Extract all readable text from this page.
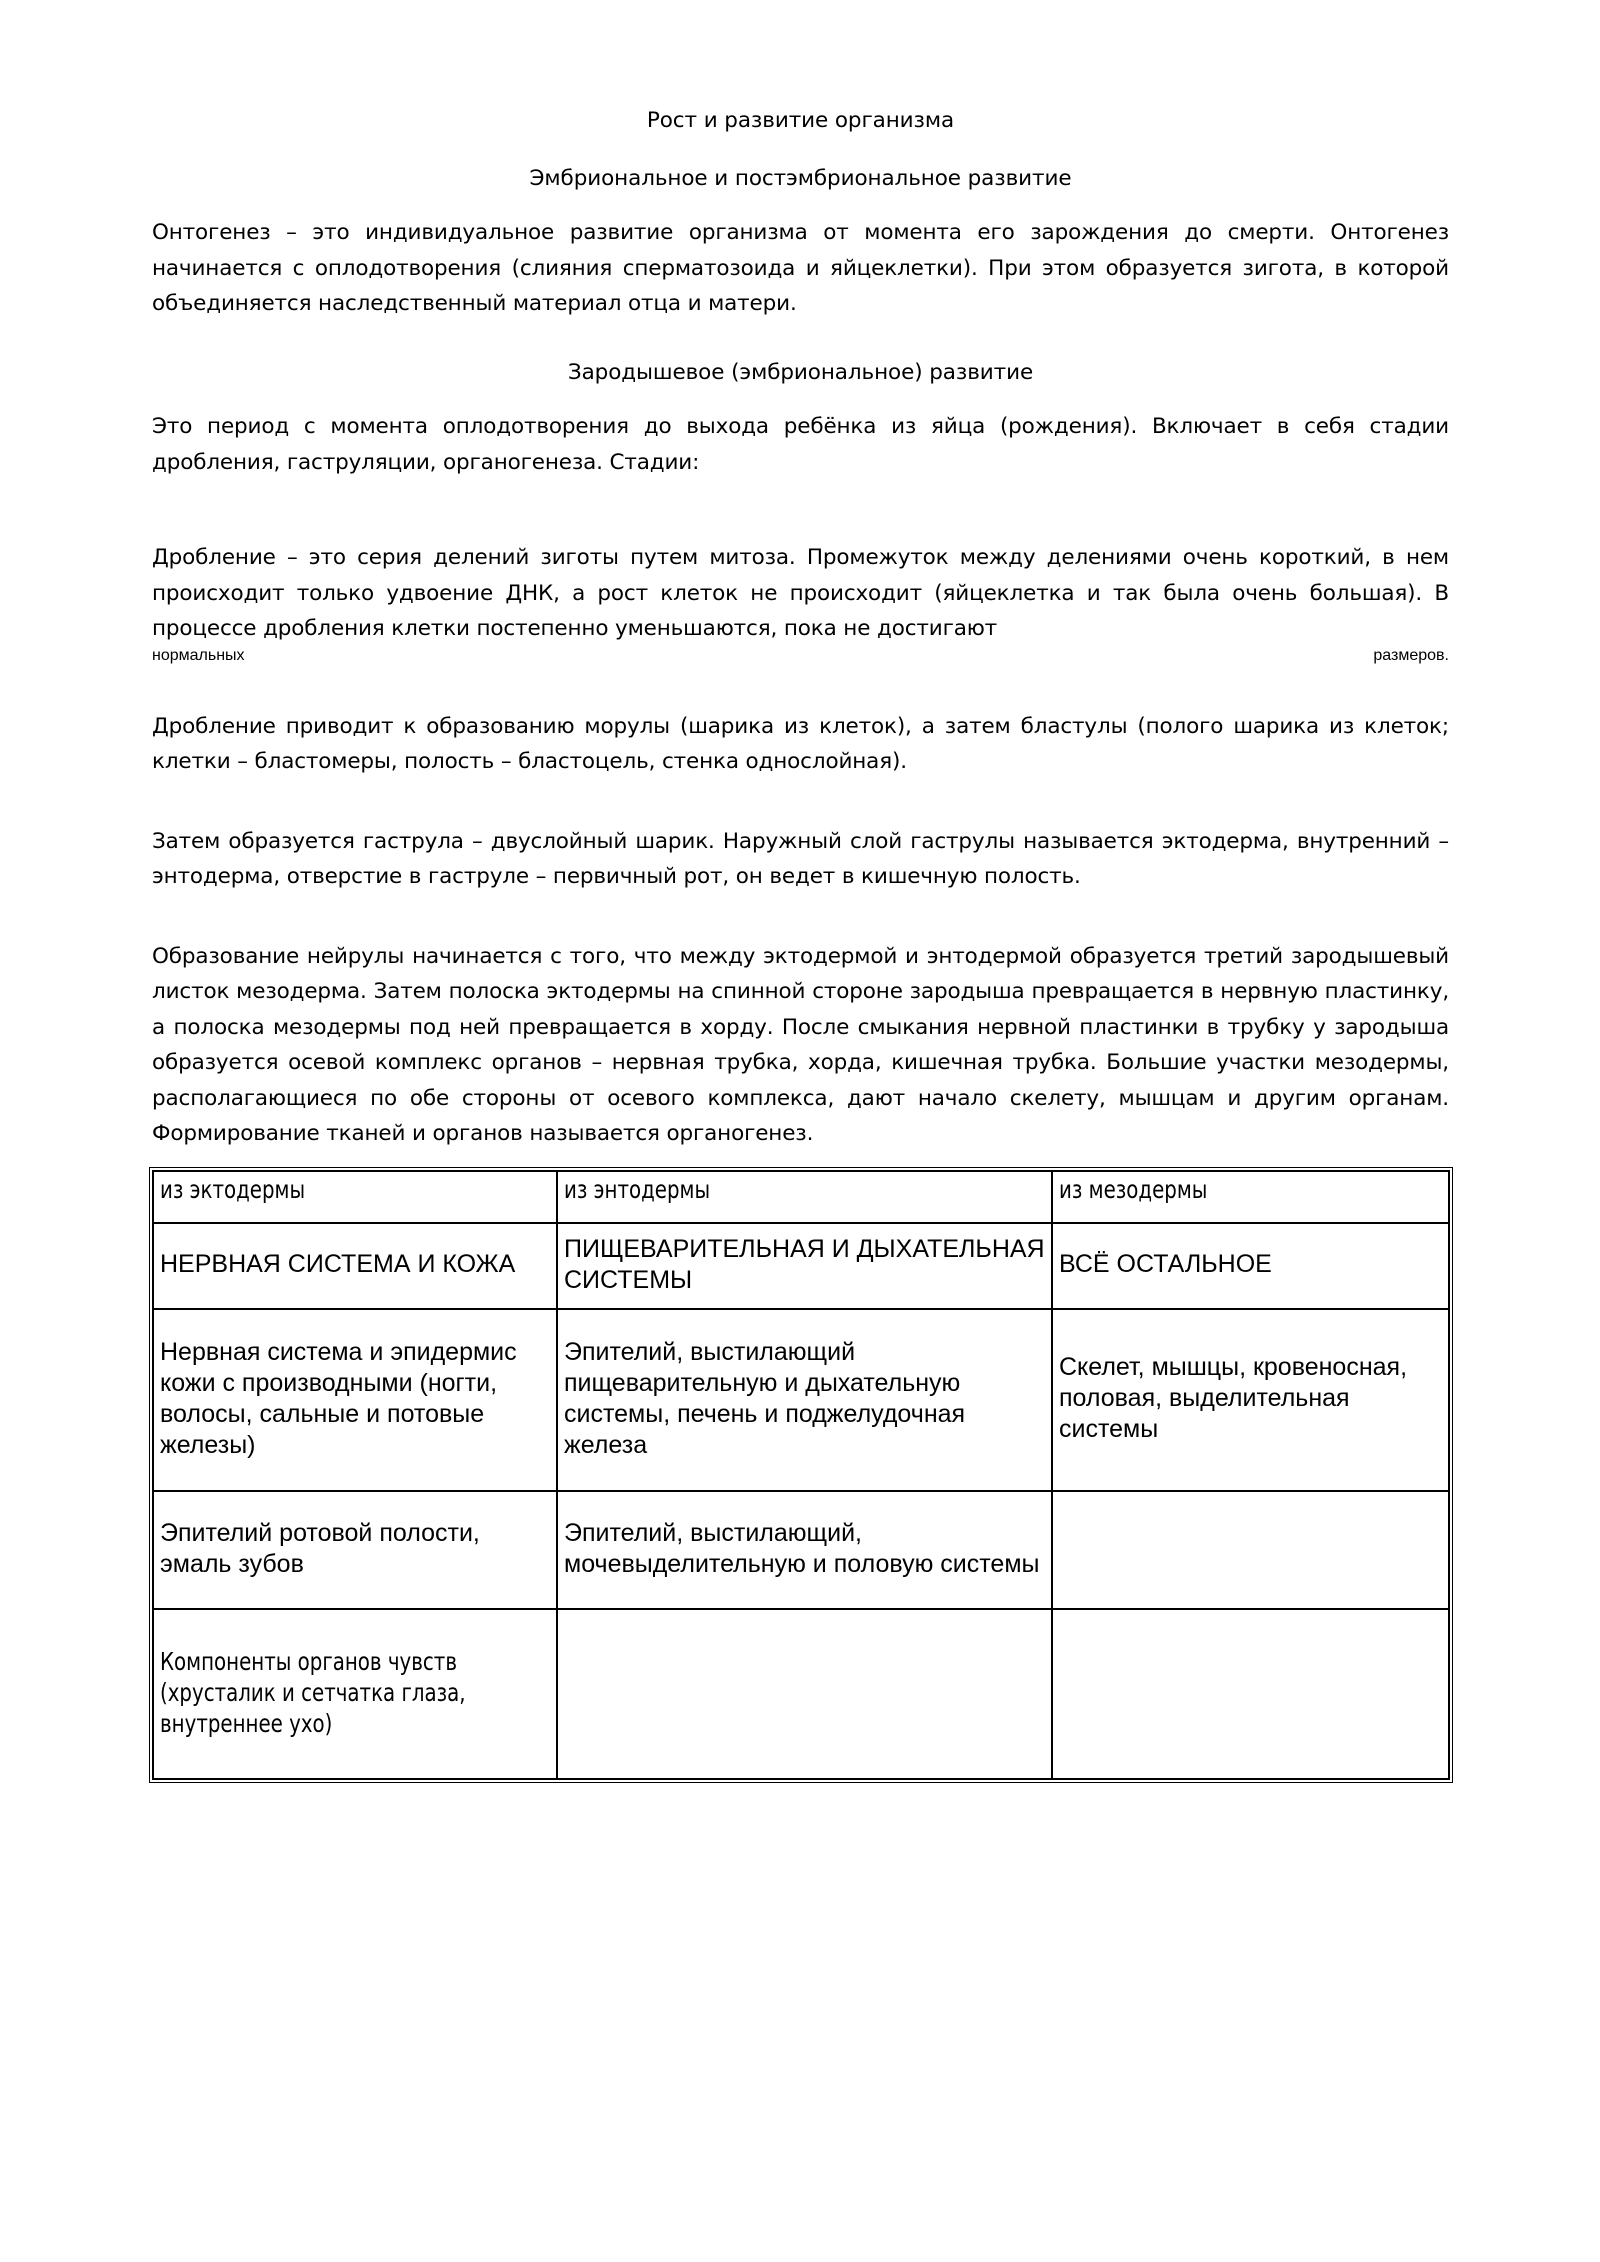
Рост и развитие организма
Эмбриональное и постэмбриональное развитие

Онтогенез – это индивидуальное развитие организма от момента его зарождения до смерти. Онтогенез начинается с оплодотворения (слияния сперматозоида и яйцеклетки). При этом образуется зигота, в которой объединяется наследственный материал отца и матери.

Зародышевое (эмбриональное) развитие

Это период с момента оплодотворения до выхода ребёнка из яйца (рождения). Включает в себя стадии дробления, гаструляции, органогенеза. Стадии:

Дробление – это серия делений зиготы путем митоза. Промежуток между делениями очень короткий, в нем происходит только удвоение ДНК, а рост клеток не происходит (яйцеклетка и так была очень большая). В процессе дробления клетки постепенно уменьшаются, пока не достигают

нормальных	размеров.

Дробление приводит к образованию морулы (шарика из клеток), а затем бластулы (полого шарика из клеток; клетки – бластомеры, полость – бластоцель, стенка однослойная).

Затем образуется гаструла – двуслойный шарик. Наружный слой гаструлы называется эктодерма, внутренний – энтодерма, отверстие в гаструле – первичный рот, он ведет в кишечную полость.

Образование нейрулы начинается с того, что между эктодермой и энтодермой образуется третий зародышевый листок мезодерма. Затем полоска эктодермы на спинной стороне зародыша превращается в нервную пластинку, а полоска мезодермы под ней превращается в хорду. После смыкания нервной пластинки в трубку у зародыша образуется осевой комплекс органов – нервная трубка, хорда, кишечная трубка. Большие участки мезодермы, располагающиеся по обе стороны от осевого комплекса, дают начало скелету, мышцам и другим органам. Формирование тканей и органов называется органогенез.

из эктодермы	из энтодермы	из мезодермы

НЕРВНАЯ СИСТЕМА И КОЖА	ПИЩЕВАРИТЕЛЬНАЯ И ДЫХАТЕЛЬНАЯ СИСТЕМЫ	ВСЁ ОСТАЛЬНОЕ
Нервная система и эпидермис кожи с производными (ногти, волосы, сальные и потовые железы)	Эпителий, выстилающий пищеварительную и дыхательную системы, печень и поджелудочная железа	Скелет, мышцы, кровеносная, половая, выделительная системы
Эпителий ротовой полости, эмаль зубов	Эпителий, выстилающий, мочевыделительную и половую системы	

Компоненты органов чувств (хрусталик и сетчатка глаза, внутреннее ухо)		
